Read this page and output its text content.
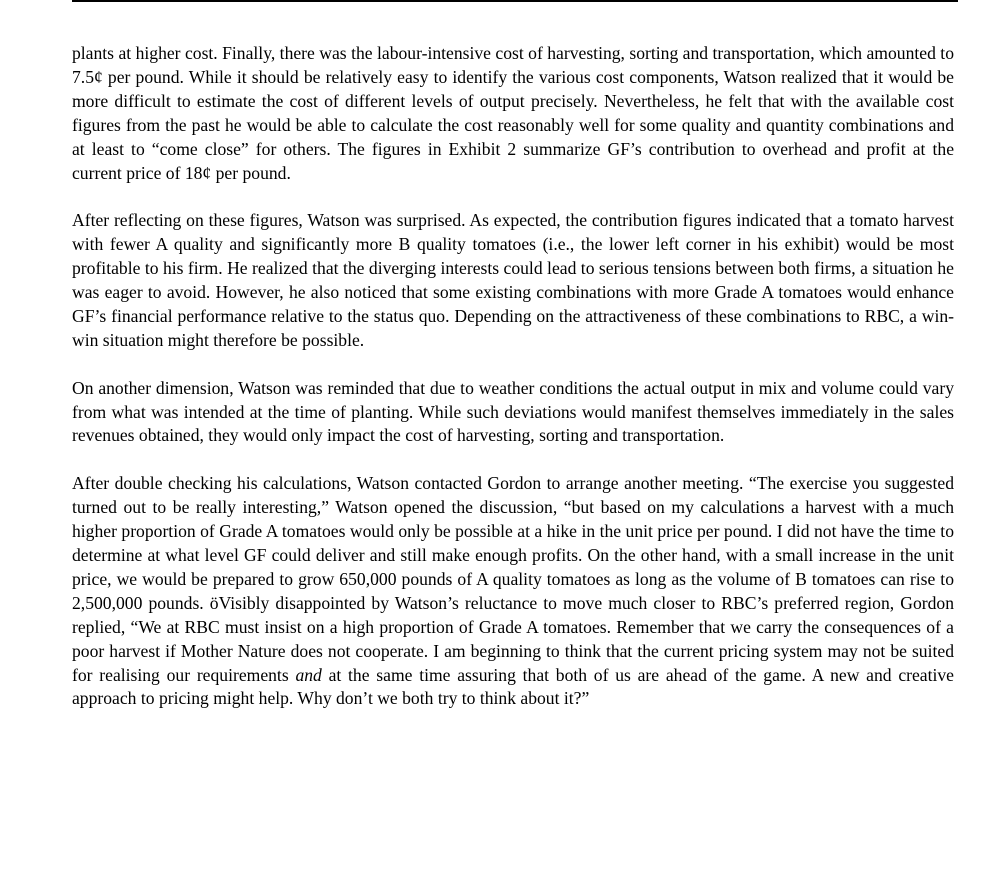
plants at higher cost. Finally, there was the labour-intensive cost of harvesting, sorting and transportation, which amounted to 7.5¢ per pound. While it should be relatively easy to identify the various cost components, Watson realized that it would be more difficult to estimate the cost of different levels of output precisely. Nevertheless, he felt that with the available cost figures from the past he would be able to calculate the cost reasonably well for some quality and quantity combinations and at least to “come close” for others. The figures in Exhibit 2 summarize GF’s contribution to overhead and profit at the current price of 18¢ per pound.

After reflecting on these figures, Watson was surprised. As expected, the contribution figures indicated that a tomato harvest with fewer A quality and significantly more B quality tomatoes (i.e., the lower left corner in his exhibit) would be most profitable to his firm. He realized that the diverging interests could lead to serious tensions between both firms, a situation he was eager to avoid. However, he also noticed that some existing combinations with more Grade A tomatoes would enhance GF’s financial performance relative to the status quo. Depending on the attractiveness of these combinations to RBC, a win-win situation might therefore be possible.

On another dimension, Watson was reminded that due to weather conditions the actual output in mix and volume could vary from what was intended at the time of planting. While such deviations would manifest themselves immediately in the sales revenues obtained, they would only impact the cost of harvesting, sorting and transportation.

After double checking his calculations, Watson contacted Gordon to arrange another meeting. “The exercise you suggested turned out to be really interesting,” Watson opened the discussion, “but based on my calculations a harvest with a much higher proportion of Grade A tomatoes would only be possible at a hike in the unit price per pound. I did not have the time to determine at what level GF could deliver and still make enough profits. On the other hand, with a small increase in the unit price, we would be prepared to grow 650,000 pounds of A quality tomatoes as long as the volume of B tomatoes can rise to 2,500,000 pounds. öVisibly disappointed by Watson’s reluctance to move much closer to RBC’s preferred region, Gordon replied, “We at RBC must insist on a high proportion of Grade A tomatoes. Remember that we carry the consequences of a poor harvest if Mother Nature does not cooperate. I am beginning to think that the current pricing system may not be suited for realising our requirements and at the same time assuring that both of us are ahead of the game. A new and creative approach to pricing might help. Why don’t we both try to think about it?”
